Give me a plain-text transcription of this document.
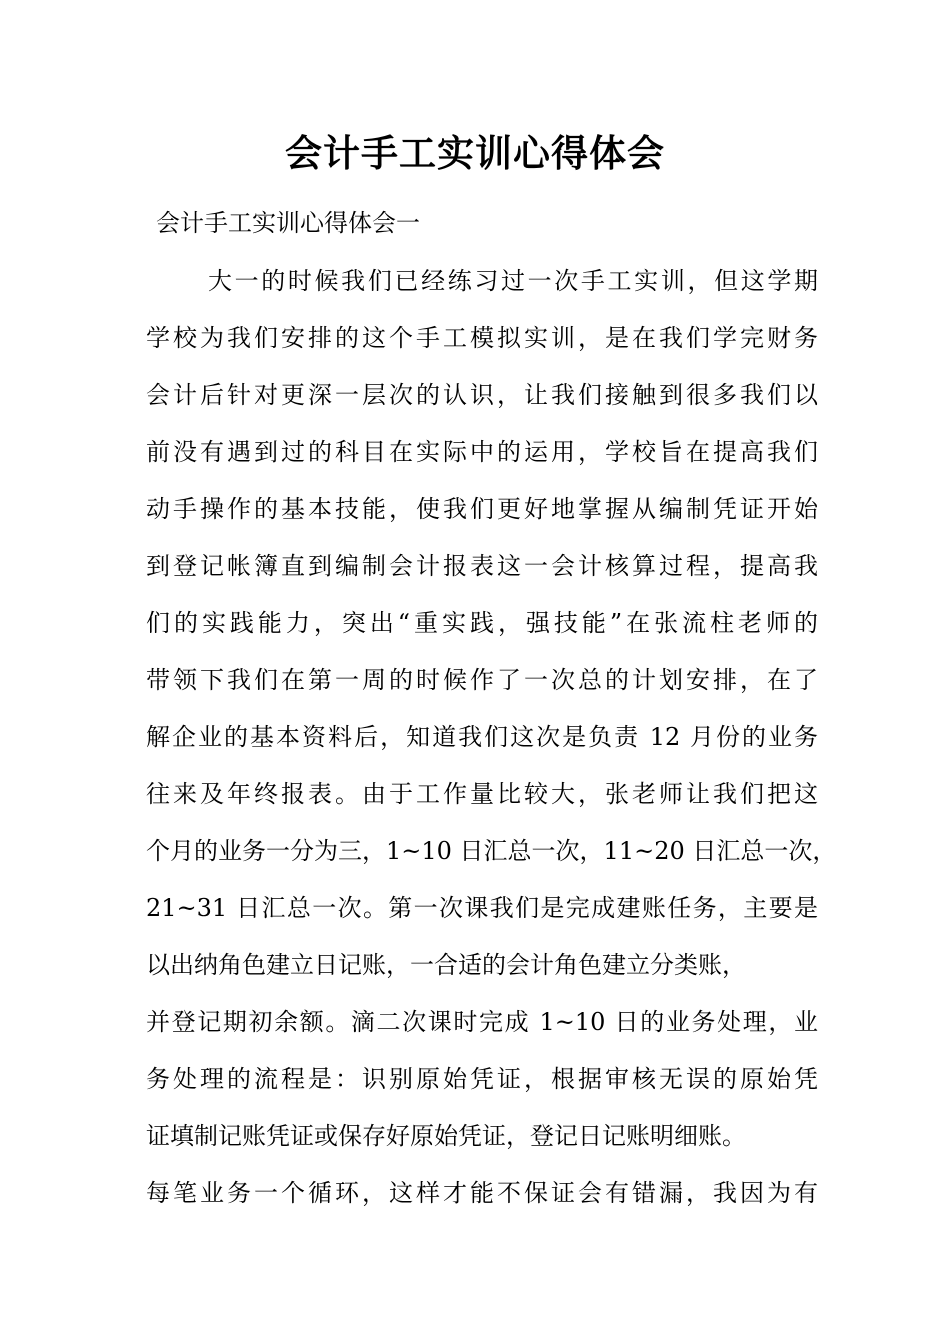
会计手工实训心得体会
会计手工实训心得体会一
大一的时候我们已经练习过一次手工实训，但这学期
学校为我们安排的这个手工模拟实训，是在我们学完财务
会计后针对更深一层次的认识，让我们接触到很多我们以
前没有遇到过的科目在实际中的运用，学校旨在提高我们
动手操作的基本技能，使我们更好地掌握从编制凭证开始
到登记帐簿直到编制会计报表这一会计核算过程，提高我
们的实践能力，突出“重实践，强技能”在张流柱老师的
带领下我们在第一周的时候作了一次总的计划安排，在了
解企业的基本资料后，知道我们这次是负责 12 月份的业务
往来及年终报表。由于工作量比较大，张老师让我们把这
个月的业务一分为三，1~10 日汇总一次，11~20 日汇总一次，
21~31 日汇总一次。第一次课我们是完成建账任务，主要是
以出纳角色建立日记账，一合适的会计角色建立分类账，
并登记期初余额。滴二次课时完成 1~10 日的业务处理，业
务处理的流程是：识别原始凭证，根据审核无误的原始凭
证填制记账凭证或保存好原始凭证，登记日记账明细账。
每笔业务一个循环，这样才能不保证会有错漏，我因为有
